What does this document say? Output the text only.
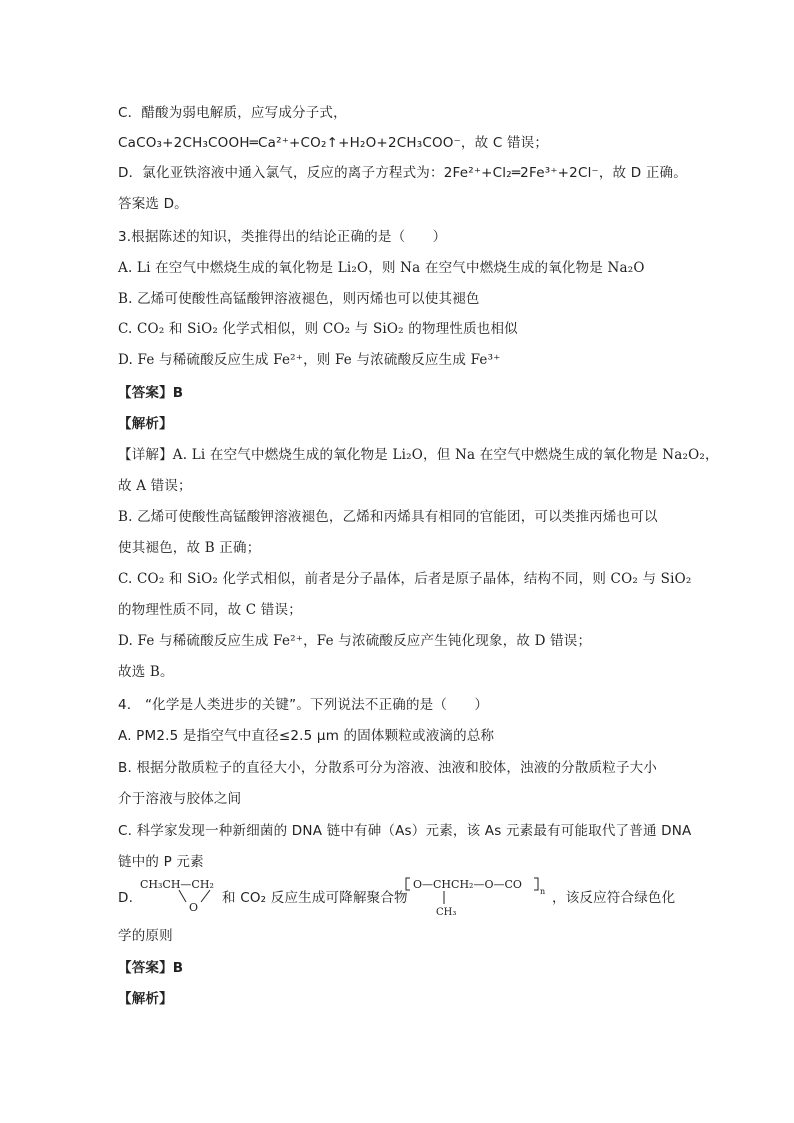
C．醋酸为弱电解质，应写成分子式，
CaCO₃+2CH₃COOH═Ca²⁺+CO₂↑+H₂O+2CH₃COO⁻，故 C 错误；
D．氯化亚铁溶液中通入氯气，反应的离子方程式为：2Fe²⁺+Cl₂═2Fe³⁺+2Cl⁻，故 D 正确。
答案选 D。
3.根据陈述的知识，类推得出的结论正确的是（　　）
A. Li 在空气中燃烧生成的氧化物是 Li₂O，则 Na 在空气中燃烧生成的氧化物是 Na₂O
B. 乙烯可使酸性高锰酸钾溶液褪色，则丙烯也可以使其褪色
C. CO₂ 和 SiO₂ 化学式相似，则 CO₂ 与 SiO₂ 的物理性质也相似
D. Fe 与稀硫酸反应生成 Fe²⁺，则 Fe 与浓硫酸反应生成 Fe³⁺
【答案】B
【解析】
【详解】A. Li 在空气中燃烧生成的氧化物是 Li₂O，但 Na 在空气中燃烧生成的氧化物是 Na₂O₂，
故 A 错误；
B. 乙烯可使酸性高锰酸钾溶液褪色，乙烯和丙烯具有相同的官能团，可以类推丙烯也可以
使其褪色，故 B 正确；
C. CO₂ 和 SiO₂ 化学式相似，前者是分子晶体，后者是原子晶体，结构不同，则 CO₂ 与 SiO₂
的物理性质不同，故 C 错误；
D. Fe 与稀硫酸反应生成 Fe²⁺，Fe 与浓硫酸反应产生钝化现象，故 D 错误；
故选 B。
4.　“化学是人类进步的关键”。下列说法不正确的是（　　）
A. PM2.5 是指空气中直径≤2.5 μm 的固体颗粒或液滴的总称
B. 根据分散质粒子的直径大小，分散系可分为溶液、浊液和胶体，浊液的分散质粒子大小
介于溶液与胶体之间
C. 科学家发现一种新细菌的 DNA 链中有砷（As）元素，该 As 元素最有可能取代了普通 DNA
链中的 P 元素
D.
CH₃CH—CH₂
O
和 CO₂ 反应生成可降解聚合物
O—CHCH₂—O—CO
n
CH₃
，该反应符合绿色化
学的原则
【答案】B
【解析】
